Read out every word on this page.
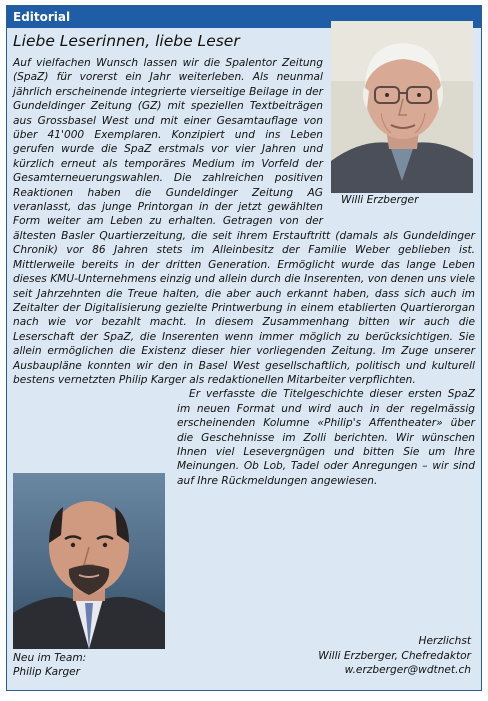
Editorial
Liebe Leserinnen, liebe Leser
Willi Erzberger

Auf vielfachen Wunsch lassen wir die Spalentor Zeitung (SpaZ) für vorerst ein Jahr weiterleben. Als neunmal jährlich erscheinende integrierte vierseitige Beilage in der Gundeldinger Zeitung (GZ) mit speziellen Textbeiträgen aus Grossbasel West und mit einer Gesamtauflage von über 41'000 Exemplaren. Konzipiert und ins Leben gerufen wurde die SpaZ erstmals vor vier Jahren und kürzlich erneut als temporäres Medium im Vorfeld der Gesamterneuerungswahlen. Die zahlreichen positiven Reaktionen haben die Gundeldinger Zeitung AG veranlasst, das junge Printorgan in der jetzt gewählten Form weiter am Leben zu erhalten. Getragen von der ältesten Basler Quartierzeitung, die seit ihrem Erstauftritt (damals als Gundeldinger Chronik) vor 86 Jahren stets im Alleinbesitz der Familie Weber geblieben ist. Mittlerweile bereits in der dritten Generation. Ermöglicht wurde das lange Leben dieses KMU-Unternehmens einzig und allein durch die Inserenten, von denen uns viele seit Jahrzehnten die Treue halten, die aber auch erkannt haben, dass sich auch im Zeitalter der Digitalisierung gezielte Printwerbung in einem etablierten Quartierorgan nach wie vor bezahlt macht. In diesem Zusammenhang bitten wir auch die Leserschaft der SpaZ, die Inserenten wenn immer möglich zu berücksichtigen. Sie allein ermöglichen die Existenz dieser hier vorliegenden Zeitung. Im Zuge unserer Ausbaupläne konnten wir den in Basel West gesellschaftlich, politisch und kulturell bestens vernetzten Philip Karger als redaktionellen Mitarbeiter
verpflichten.

Er verfasste die Titelgeschichte dieser ersten SpaZ im neuen Format und wird auch in der regelmässig erscheinenden Kolumne «Philip's Affentheater» über die Geschehnisse im Zolli berichten. Wir wünschen Ihnen viel Lesevergnügen und bitten Sie um Ihre Meinungen. Ob Lob, Tadel oder Anregungen – wir sind auf Ihre Rückmeldungen angewiesen.

Neu im Team:
Philip Karger
Herzlichst
Willi Erzberger, Chefredaktor
w.erzberger@wdtnet.ch
